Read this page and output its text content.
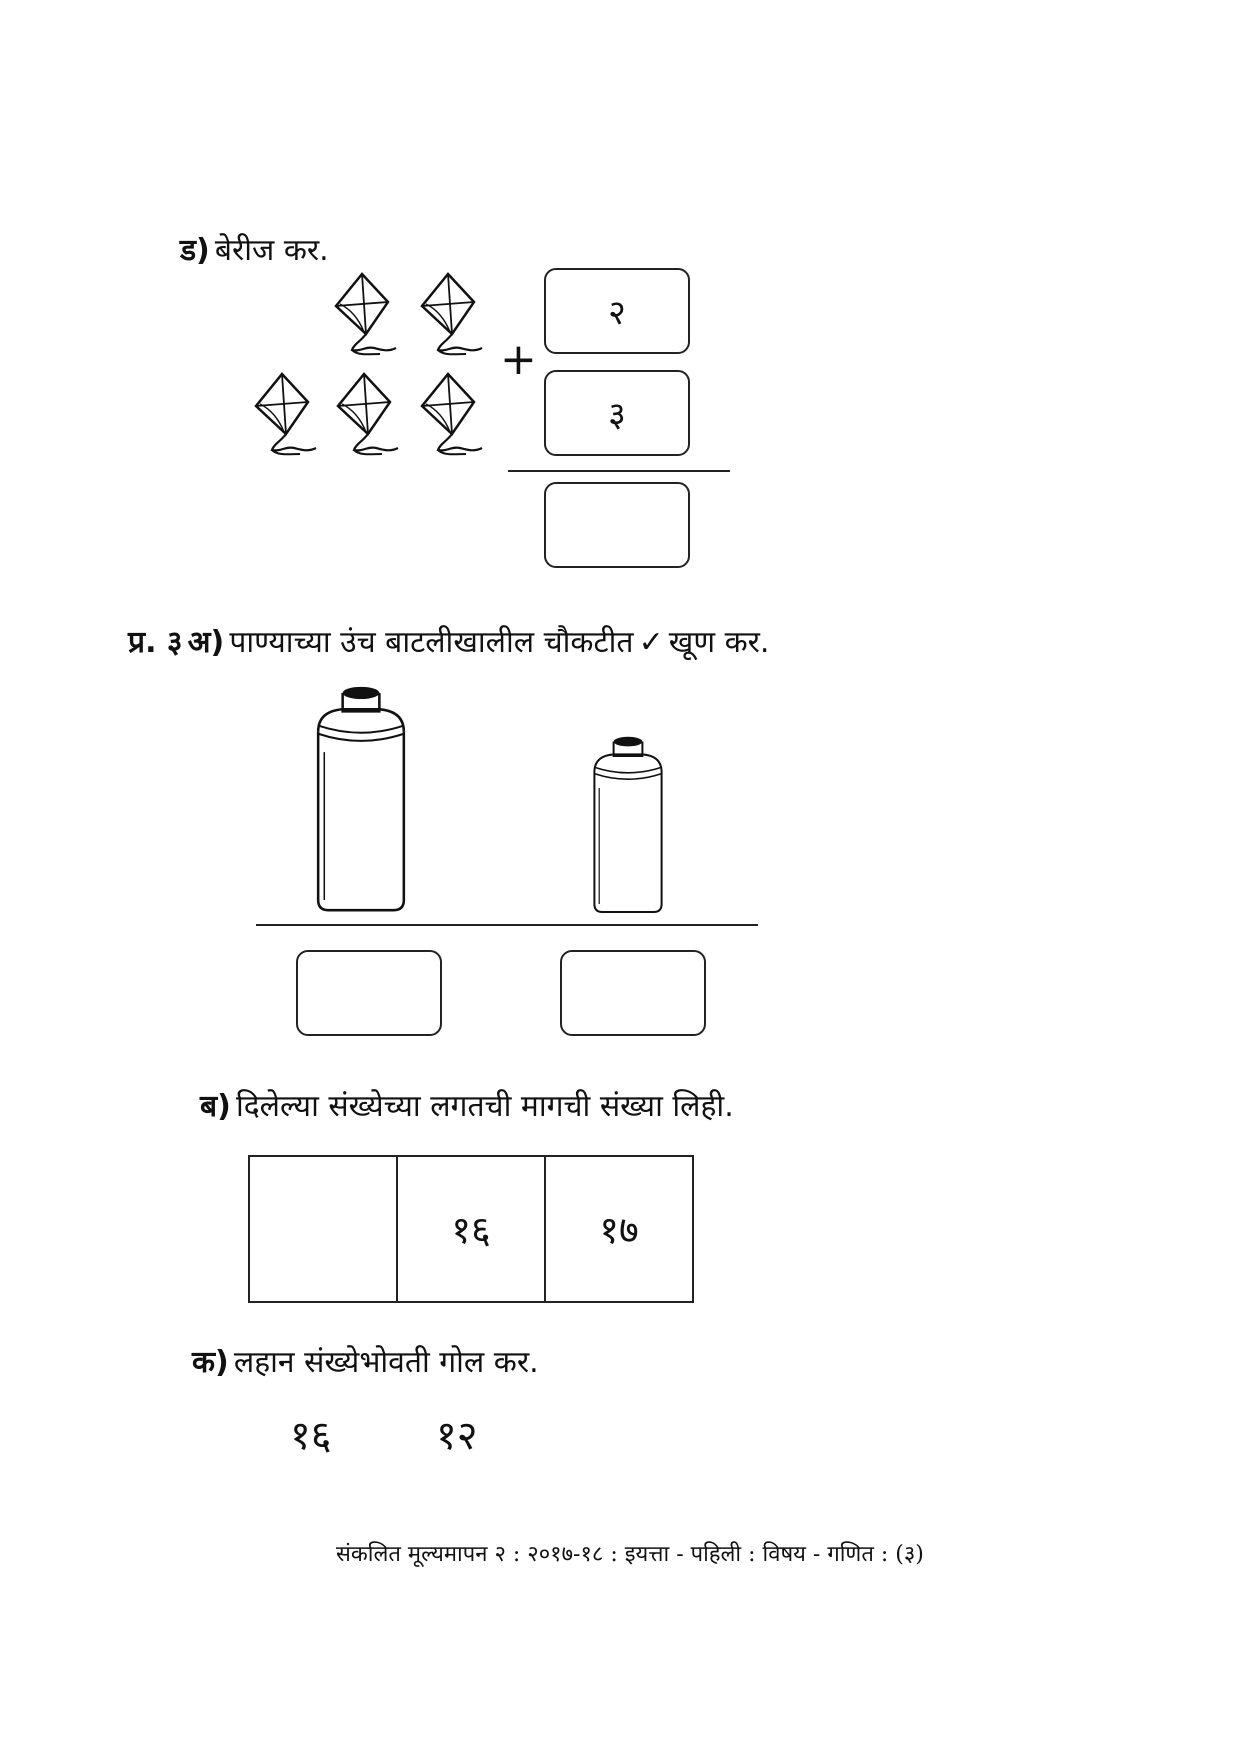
ड) बेरीज कर.
+
२
३
प्र. ३ अ) पाण्याच्या उंच बाटलीखालील चौकटीत ✓ खूण कर.
ब) दिलेल्या संख्येच्या लगतची मागची संख्या लिही.
	१६	१७
क) लहान संख्येभोवती गोल कर.
१६	१२
संकलित मूल्यमापन २ : २०१७-१८ : इयत्ता - पहिली : विषय - गणित : (३)
